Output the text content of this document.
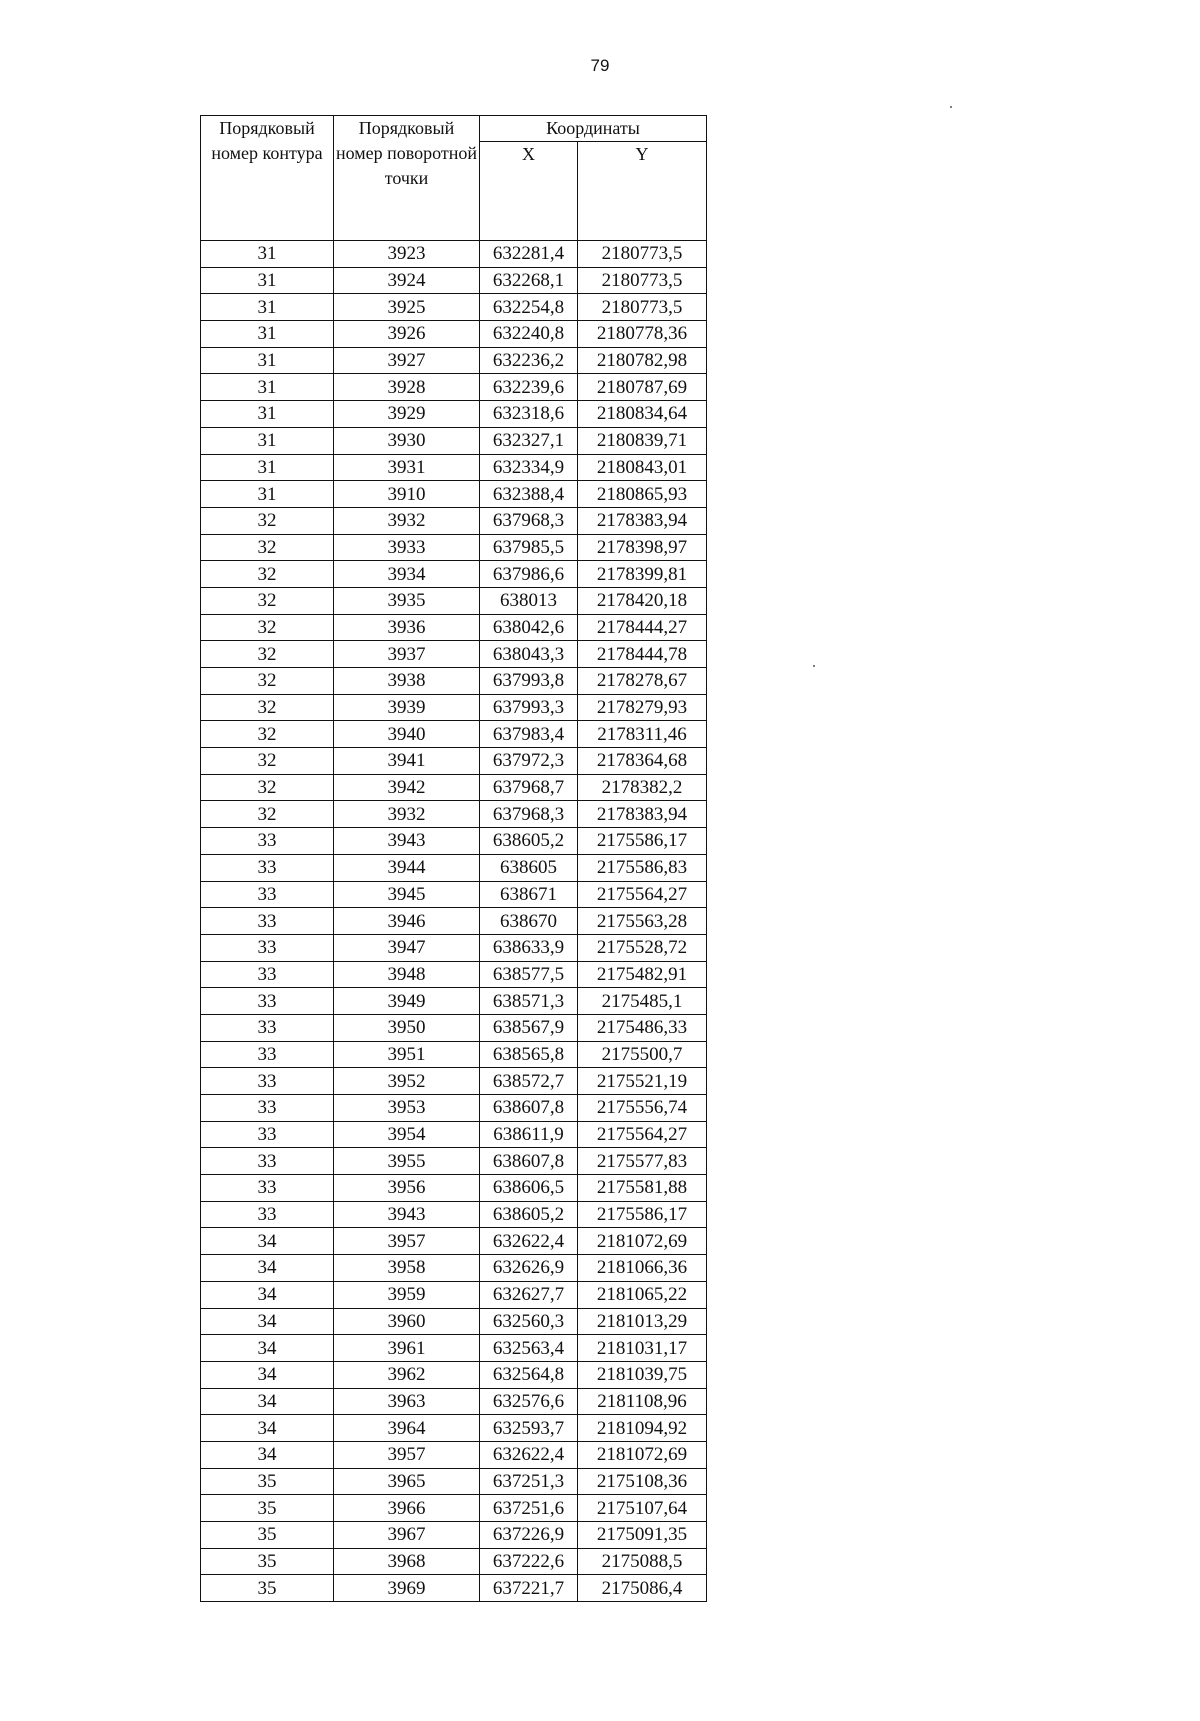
79
Порядковый номер контура	Порядковый номер поворотной точки	Координаты	
		X	Y
31	3923	632281,4	2180773,5
31	3924	632268,1	2180773,5
31	3925	632254,8	2180773,5
31	3926	632240,8	2180778,36
31	3927	632236,2	2180782,98
31	3928	632239,6	2180787,69
31	3929	632318,6	2180834,64
31	3930	632327,1	2180839,71
31	3931	632334,9	2180843,01
31	3910	632388,4	2180865,93
32	3932	637968,3	2178383,94
32	3933	637985,5	2178398,97
32	3934	637986,6	2178399,81
32	3935	638013	2178420,18
32	3936	638042,6	2178444,27
32	3937	638043,3	2178444,78
32	3938	637993,8	2178278,67
32	3939	637993,3	2178279,93
32	3940	637983,4	2178311,46
32	3941	637972,3	2178364,68
32	3942	637968,7	2178382,2
32	3932	637968,3	2178383,94
33	3943	638605,2	2175586,17
33	3944	638605	2175586,83
33	3945	638671	2175564,27
33	3946	638670	2175563,28
33	3947	638633,9	2175528,72
33	3948	638577,5	2175482,91
33	3949	638571,3	2175485,1
33	3950	638567,9	2175486,33
33	3951	638565,8	2175500,7
33	3952	638572,7	2175521,19
33	3953	638607,8	2175556,74
33	3954	638611,9	2175564,27
33	3955	638607,8	2175577,83
33	3956	638606,5	2175581,88
33	3943	638605,2	2175586,17
34	3957	632622,4	2181072,69
34	3958	632626,9	2181066,36
34	3959	632627,7	2181065,22
34	3960	632560,3	2181013,29
34	3961	632563,4	2181031,17
34	3962	632564,8	2181039,75
34	3963	632576,6	2181108,96
34	3964	632593,7	2181094,92
34	3957	632622,4	2181072,69
35	3965	637251,3	2175108,36
35	3966	637251,6	2175107,64
35	3967	637226,9	2175091,35
35	3968	637222,6	2175088,5
35	3969	637221,7	2175086,4
